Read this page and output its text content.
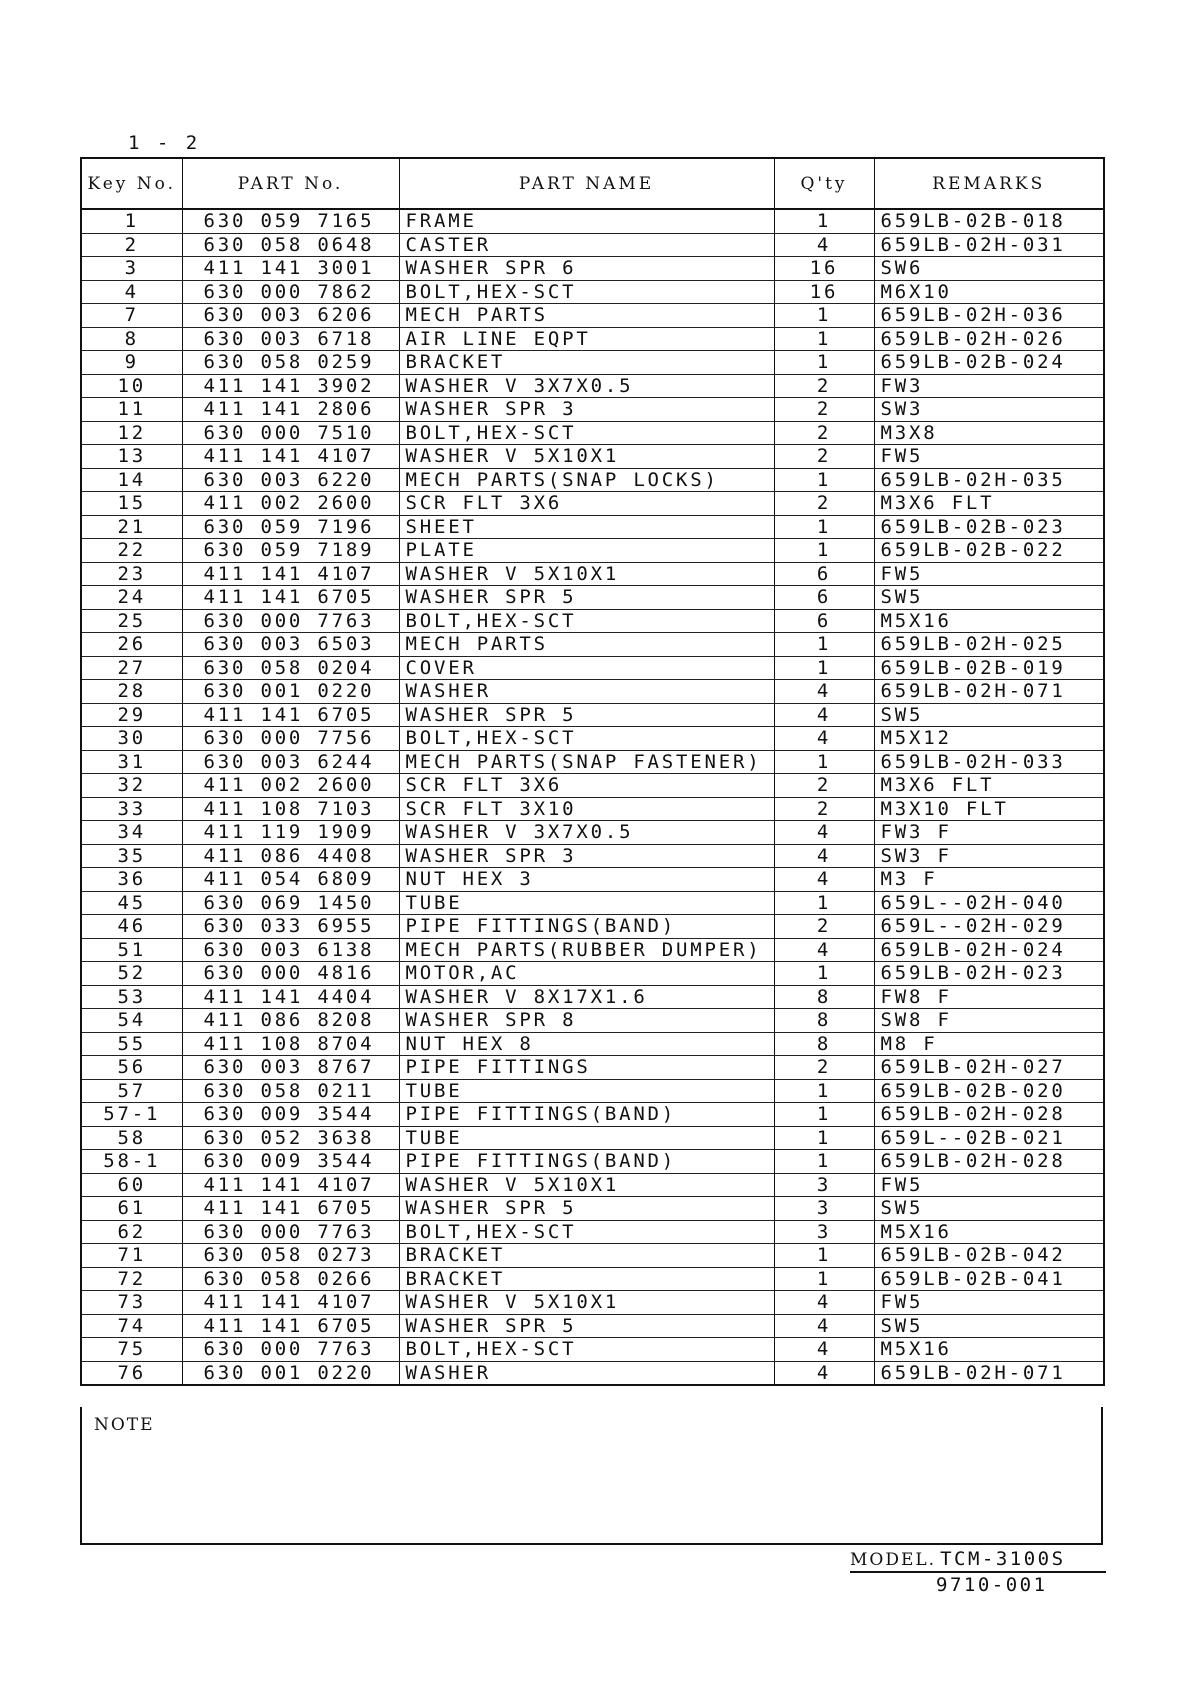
1 - 2
Key No.	PART No.	PART NAME	Q'ty	REMARKS
1	630 059 7165	FRAME	1	659LB-02B-018
2	630 058 0648	CASTER	4	659LB-02H-031
3	411 141 3001	WASHER SPR 6	16	SW6
4	630 000 7862	BOLT,HEX-SCT	16	M6X10
7	630 003 6206	MECH PARTS	1	659LB-02H-036
8	630 003 6718	AIR LINE EQPT	1	659LB-02H-026
9	630 058 0259	BRACKET	1	659LB-02B-024
10	411 141 3902	WASHER V 3X7X0.5	2	FW3
11	411 141 2806	WASHER SPR 3	2	SW3
12	630 000 7510	BOLT,HEX-SCT	2	M3X8
13	411 141 4107	WASHER V 5X10X1	2	FW5
14	630 003 6220	MECH PARTS(SNAP LOCKS)	1	659LB-02H-035
15	411 002 2600	SCR FLT 3X6	2	M3X6 FLT
21	630 059 7196	SHEET	1	659LB-02B-023
22	630 059 7189	PLATE	1	659LB-02B-022
23	411 141 4107	WASHER V 5X10X1	6	FW5
24	411 141 6705	WASHER SPR 5	6	SW5
25	630 000 7763	BOLT,HEX-SCT	6	M5X16
26	630 003 6503	MECH PARTS	1	659LB-02H-025
27	630 058 0204	COVER	1	659LB-02B-019
28	630 001 0220	WASHER	4	659LB-02H-071
29	411 141 6705	WASHER SPR 5	4	SW5
30	630 000 7756	BOLT,HEX-SCT	4	M5X12
31	630 003 6244	MECH PARTS(SNAP FASTENER)	1	659LB-02H-033
32	411 002 2600	SCR FLT 3X6	2	M3X6 FLT
33	411 108 7103	SCR FLT 3X10	2	M3X10 FLT
34	411 119 1909	WASHER V 3X7X0.5	4	FW3 F
35	411 086 4408	WASHER SPR 3	4	SW3 F
36	411 054 6809	NUT HEX 3	4	M3 F
45	630 069 1450	TUBE	1	659L--02H-040
46	630 033 6955	PIPE FITTINGS(BAND)	2	659L--02H-029
51	630 003 6138	MECH PARTS(RUBBER DUMPER)	4	659LB-02H-024
52	630 000 4816	MOTOR,AC	1	659LB-02H-023
53	411 141 4404	WASHER V 8X17X1.6	8	FW8 F
54	411 086 8208	WASHER SPR 8	8	SW8 F
55	411 108 8704	NUT HEX 8	8	M8 F
56	630 003 8767	PIPE FITTINGS	2	659LB-02H-027
57	630 058 0211	TUBE	1	659LB-02B-020
57-1	630 009 3544	PIPE FITTINGS(BAND)	1	659LB-02H-028
58	630 052 3638	TUBE	1	659L--02B-021
58-1	630 009 3544	PIPE FITTINGS(BAND)	1	659LB-02H-028
60	411 141 4107	WASHER V 5X10X1	3	FW5
61	411 141 6705	WASHER SPR 5	3	SW5
62	630 000 7763	BOLT,HEX-SCT	3	M5X16
71	630 058 0273	BRACKET	1	659LB-02B-042
72	630 058 0266	BRACKET	1	659LB-02B-041
73	411 141 4107	WASHER V 5X10X1	4	FW5
74	411 141 6705	WASHER SPR 5	4	SW5
75	630 000 7763	BOLT,HEX-SCT	4	M5X16
76	630 001 0220	WASHER	4	659LB-02H-071
NOTE
MODEL. TCM-3100S
9710-001
